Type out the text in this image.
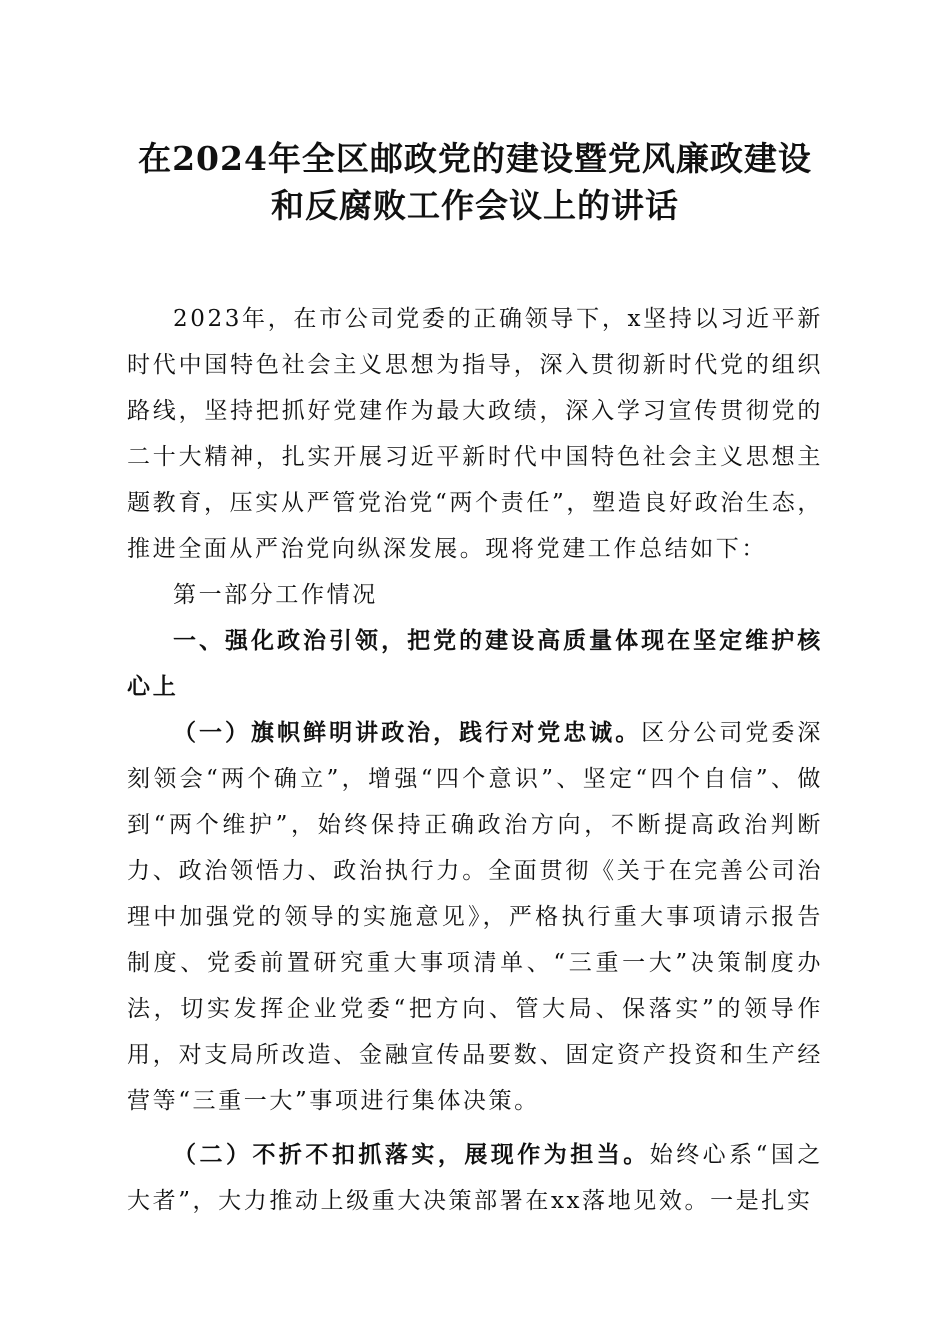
在2024年全区邮政党的建设暨党风廉政建设
和反腐败工作会议上的讲话

2023年，在市公司党委的正确领导下，x坚持以习近平新时代中国特色社会主义思想为指导，深入贯彻新时代党的组织路线，坚持把抓好党建作为最大政绩，深入学习宣传贯彻党的二十大精神，扎实开展习近平新时代中国特色社会主义思想主题教育，压实从严管党治党“两个责任”，塑造良好政治生态，推进全面从严治党向纵深发展。现将党建工作总结如下：

第一部分工作情况

一、强化政治引领，把党的建设高质量体现在坚定维护核心上

（一）旗帜鲜明讲政治，践行对党忠诚。区分公司党委深刻领会“两个确立”，增强“四个意识”、坚定“四个自信”、做到“两个维护”，始终保持正确政治方向，不断提高政治判断力、政治领悟力、政治执行力。全面贯彻《关于在完善公司治理中加强党的领导的实施意见》，严格执行重大事项请示报告制度、党委前置研究重大事项清单、“三重一大”决策制度办法，切实发挥企业党委“把方向、管大局、保落实”的领导作用，对支局所改造、金融宣传品要数、固定资产投资和生产经营等“三重一大”事项进行集体决策。

（二）不折不扣抓落实，展现作为担当。始终心系“国之大者”，大力推动上级重大决策部署在xx落地见效。一是扎实
